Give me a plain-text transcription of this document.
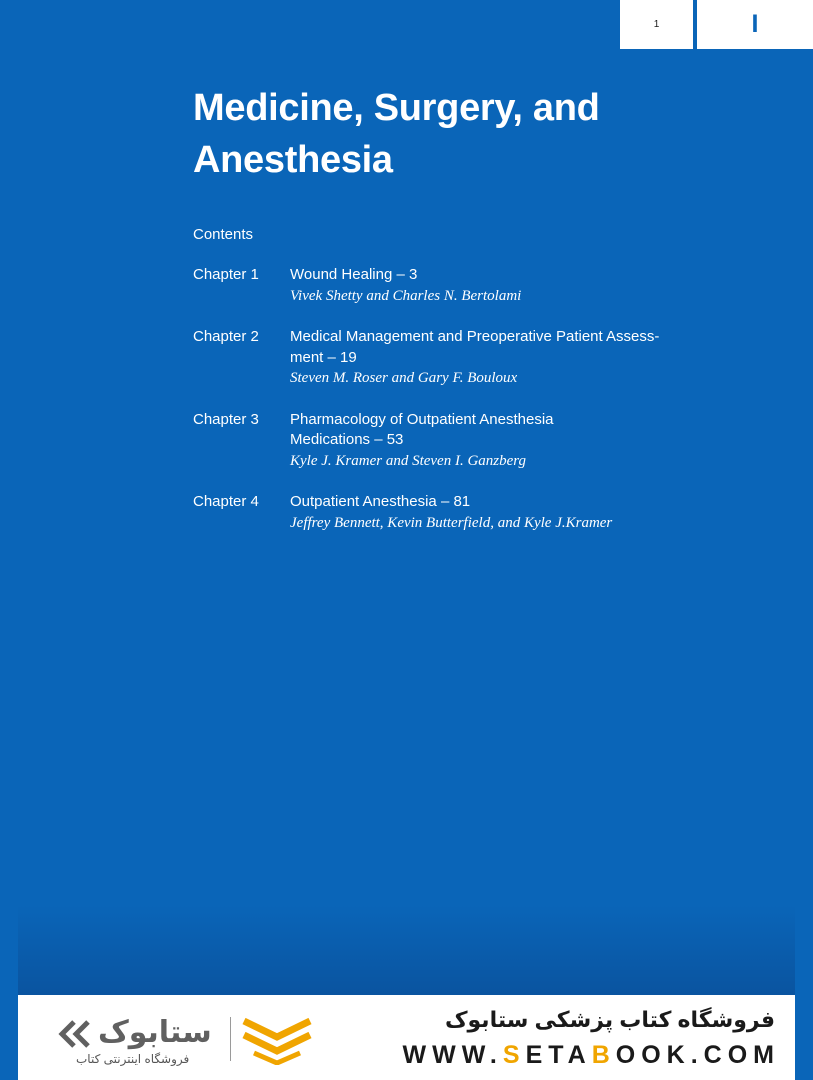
1	I
Medicine, Surgery, and
Anesthesia
Contents
Chapter 1	Wound Healing – 3
Vivek Shetty and Charles N. Bertolami
Chapter 2	Medical Management and Preoperative Patient Assess-
ment – 19
Steven M. Roser and Gary F. Bouloux
Chapter 3	Pharmacology of Outpatient Anesthesia
Medications – 53
Kyle J. Kramer and Steven I. Ganzberg
Chapter 4	Outpatient Anesthesia – 81
Jeffrey Bennett, Kevin Butterfield, and Kyle J.Kramer
ستابوک
فروشگاه اینترنتی کتاب
فروشگاه کتاب پزشکی ستابوک
WWW.SETABOOK.COM
